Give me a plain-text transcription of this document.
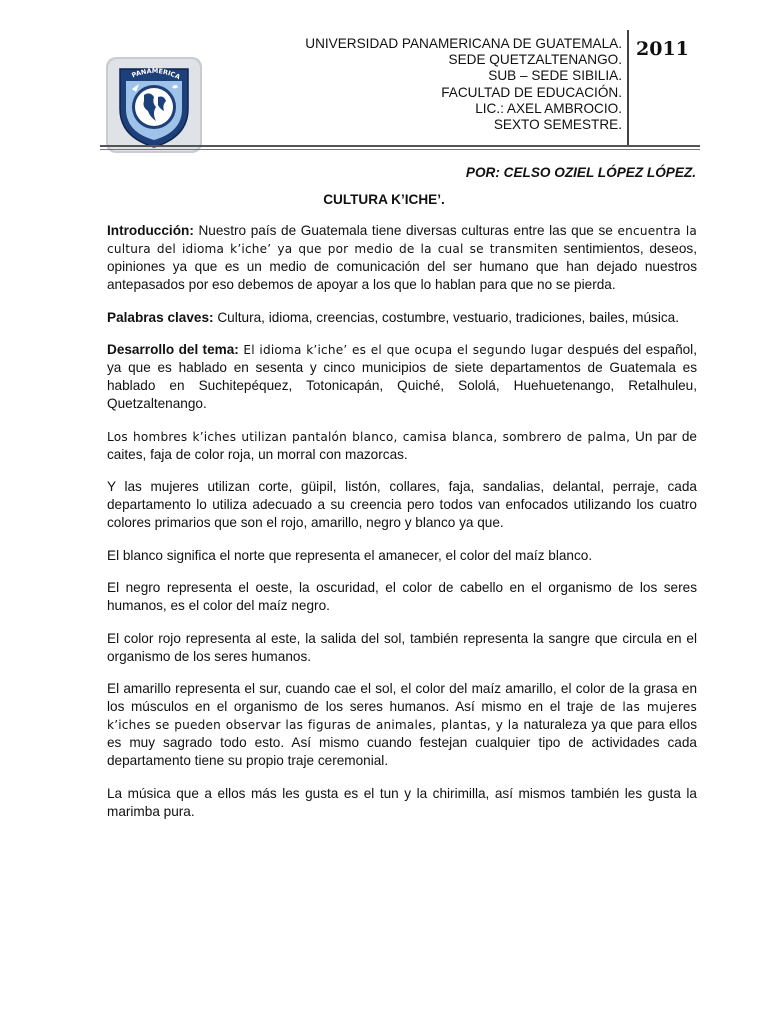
PANAMERICA
UNIVERSIDAD PANAMERICANA DE GUATEMALA.
SEDE QUETZALTENANGO.
SUB – SEDE SIBILIA.
FACULTAD DE EDUCACIÓN.
LIC.: AXEL AMBROCIO.
SEXTO SEMESTRE.
2011
POR: CELSO OZIEL LÓPEZ LÓPEZ.
CULTURA K’ICHE’.

Introducción: Nuestro país de Guatemala tiene diversas culturas entre las que se encuentra la cultura del idioma k’iche’ ya que por medio de la cual se transmiten sentimientos, deseos, opiniones ya que es un medio de comunicación del ser humano que han dejado nuestros antepasados por eso debemos de apoyar a los que lo hablan para que no se pierda.

Palabras claves: Cultura, idioma, creencias, costumbre, vestuario, tradiciones, bailes, música.

Desarrollo del tema: El idioma k’iche’ es el que ocupa el segundo lugar después del español, ya que es hablado en sesenta y cinco municipios de siete departamentos de Guatemala es hablado en Suchitepéquez, Totonicapán, Quiché, Sololá, Huehuetenango, Retalhuleu, Quetzaltenango.

Los hombres k’iches utilizan pantalón blanco, camisa blanca, sombrero de palma, Un par de caites, faja de color roja, un morral con mazorcas.

Y las mujeres utilizan corte, güipil, listón, collares, faja, sandalias, delantal, perraje, cada departamento lo utiliza adecuado a su creencia pero todos van enfocados utilizando los cuatro colores primarios que son el rojo, amarillo, negro y blanco ya que.

El blanco significa el norte que representa el amanecer, el color del maíz blanco.

El negro representa el oeste, la oscuridad, el color de cabello en el organismo de los seres humanos, es el color del maíz negro.

El color rojo representa al este, la salida del sol, también representa la sangre que circula en el organismo de los seres humanos.

El amarillo representa el sur, cuando cae el sol, el color del maíz amarillo, el color de la grasa en los músculos en el organismo de los seres humanos. Así mismo en el traje de las mujeres k’iches se pueden observar las figuras de animales, plantas, y la naturaleza ya que para ellos es muy sagrado todo esto. Así mismo cuando festejan cualquier tipo de actividades cada departamento tiene su propio traje ceremonial.

La música que a ellos más les gusta es el tun y la chirimilla, así mismos también les gusta la marimba pura.
